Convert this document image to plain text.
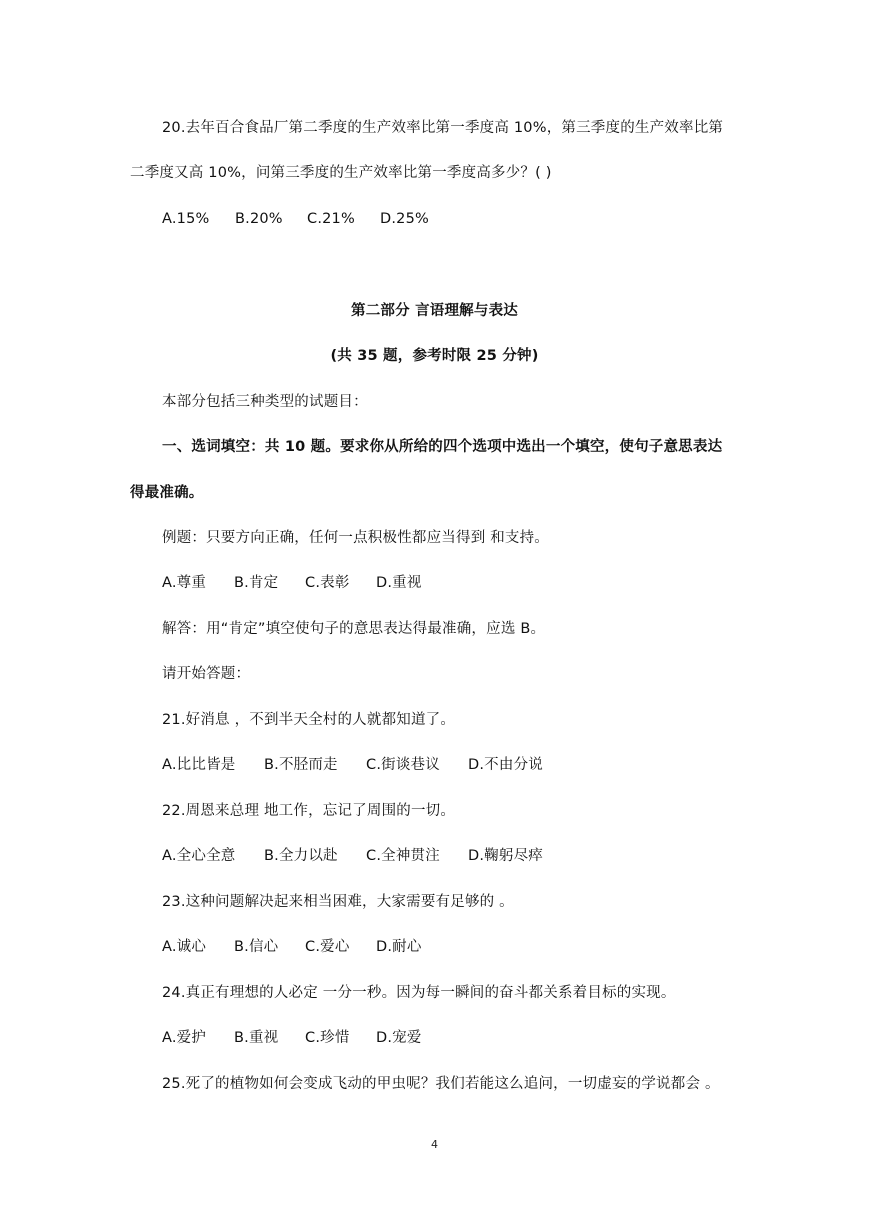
20.去年百合食品厂第二季度的生产效率比第一季度高 10%，第三季度的生产效率比第
二季度又高 10%，问第三季度的生产效率比第一季度高多少？( )
A.15% B.20% C.21% D.25%
第二部分 言语理解与表达
(共 35 题，参考时限 25 分钟)
本部分包括三种类型的试题目：
一、选词填空：共 10 题。要求你从所给的四个选项中选出一个填空，使句子意思表达
得最准确。
例题：只要方向正确，任何一点积极性都应当得到 和支持。
A.尊重 B.肯定 C.表彰 D.重视
解答：用“肯定”填空使句子的意思表达得最准确，应选 B。
请开始答题：
21.好消息 ，不到半天全村的人就都知道了。
A.比比皆是 B.不胫而走 C.街谈巷议 D.不由分说
22.周恩来总理 地工作，忘记了周围的一切。
A.全心全意 B.全力以赴 C.全神贯注 D.鞠躬尽瘁
23.这种问题解决起来相当困难，大家需要有足够的 。
A.诚心 B.信心 C.爱心 D.耐心
24.真正有理想的人必定 一分一秒。因为每一瞬间的奋斗都关系着目标的实现。
A.爱护 B.重视 C.珍惜 D.宠爱
25.死了的植物如何会变成飞动的甲虫呢？我们若能这么追问，一切虚妄的学说都会 。
4
